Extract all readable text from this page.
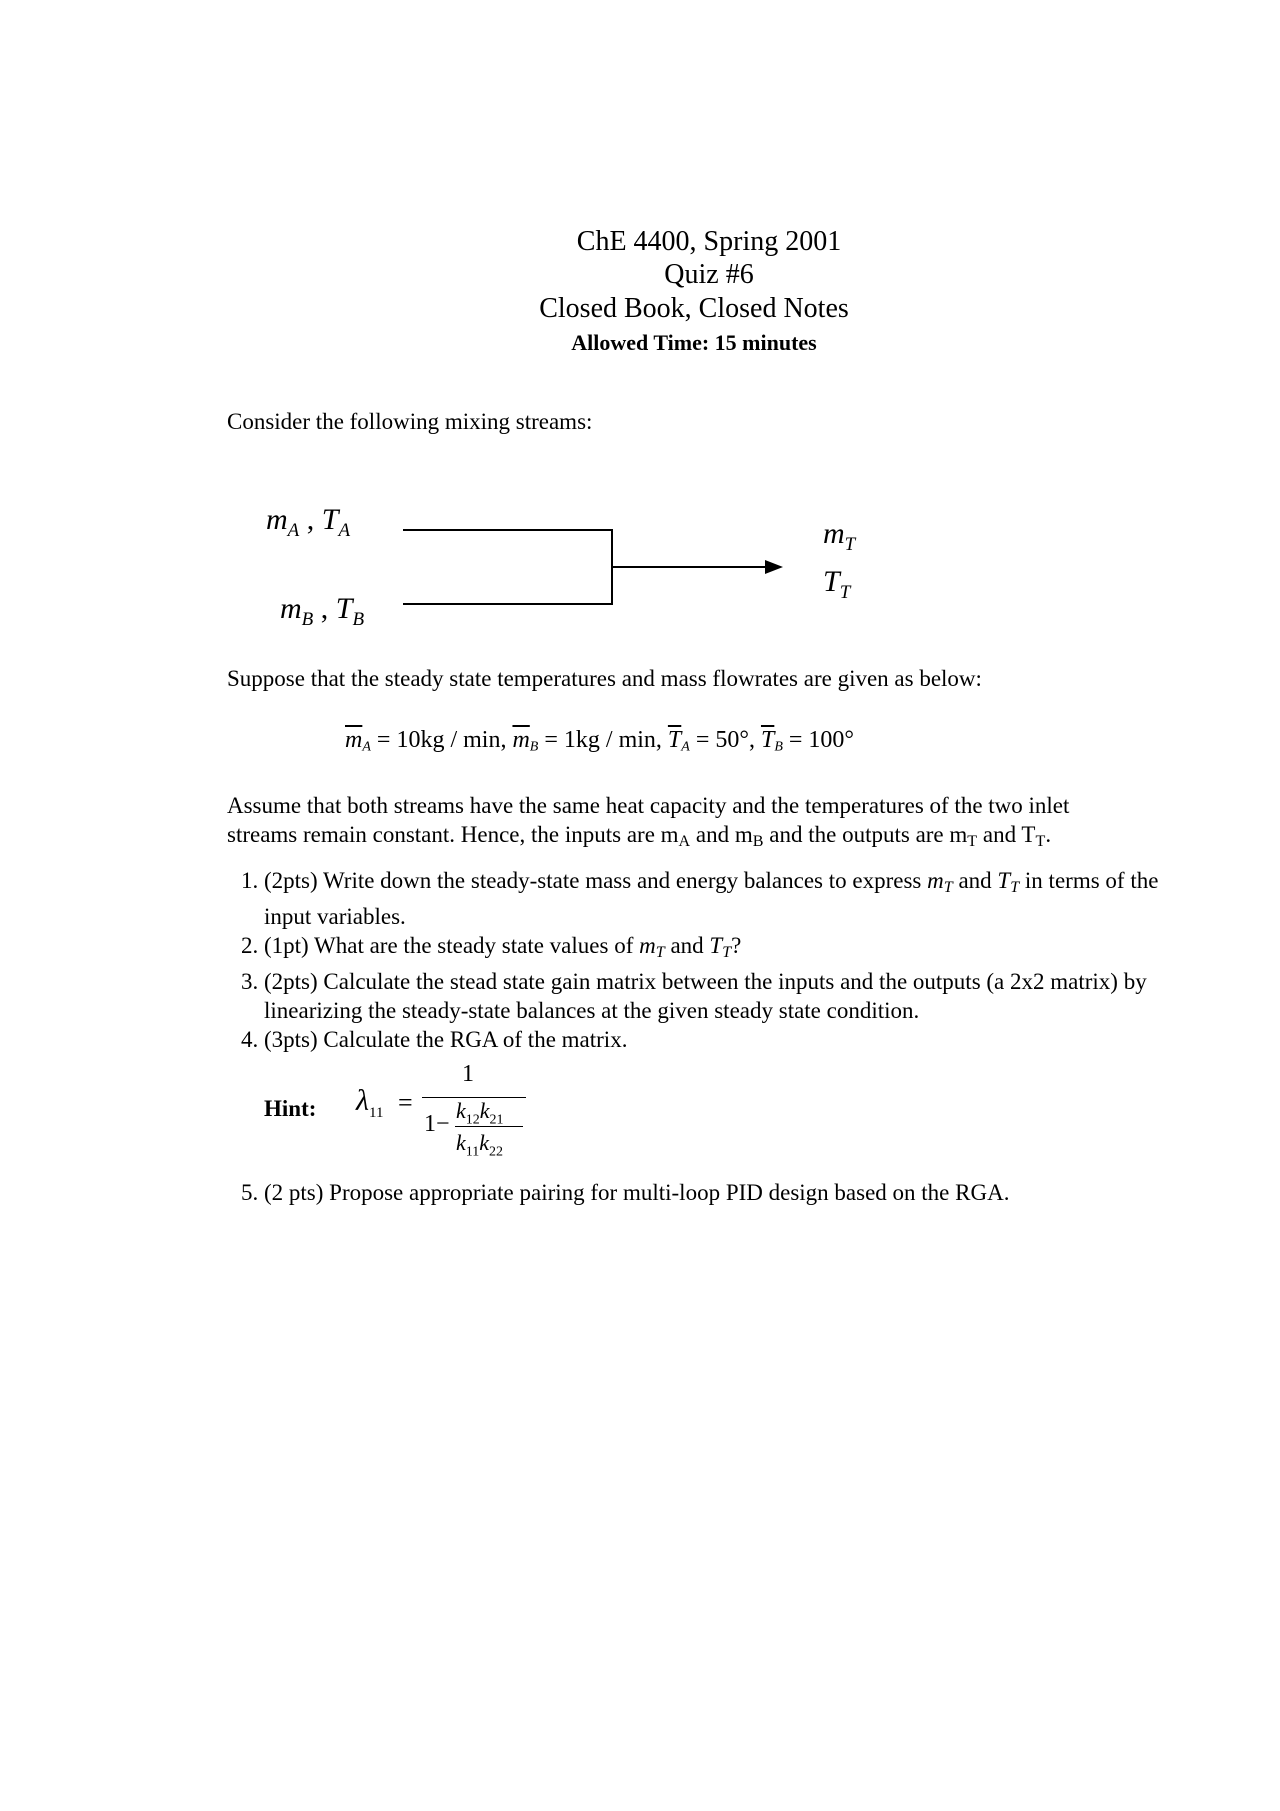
ChE 4400, Spring 2001
Quiz #6
Closed Book, Closed Notes
Allowed Time: 15 minutes
Consider the following mixing streams:
$m_A$ , $T_A$
$m_B$ , $T_B$
$m_T$
$T_T$
Suppose that the steady state temperatures and mass flowrates are given as below:
$\overline{m}_A = 10kg / \min$, $\overline{m}_B = 1kg / \min$, $\overline{T}_A = 50^\circ$, $\overline{T}_B = 100^\circ$
Assume that both streams have the same heat capacity and the temperatures of the two inlet
streams remain constant. Hence, the inputs are $m_A$ and $m_B$ and the outputs are $m_T$ and $T_T$.
1. (2pts) Write down the steady-state mass and energy balances to express $m_T$ and $T_T$ in terms of the input variables.
2. (1pt) What are the steady state values of $m_T$ and $T_T$?
3. (2pts) Calculate the stead state gain matrix between the inputs and the outputs (a 2x2 matrix) by linearizing the steady-state balances at the given steady state condition.
4. (3pts) Calculate the RGA of the matrix.
Hint: $\lambda_{11}$ =
1
1−
$k_{12}k_{21}$
$k_{11}k_{22}$
5. (2 pts) Propose appropriate pairing for multi-loop PID design based on the RGA.
